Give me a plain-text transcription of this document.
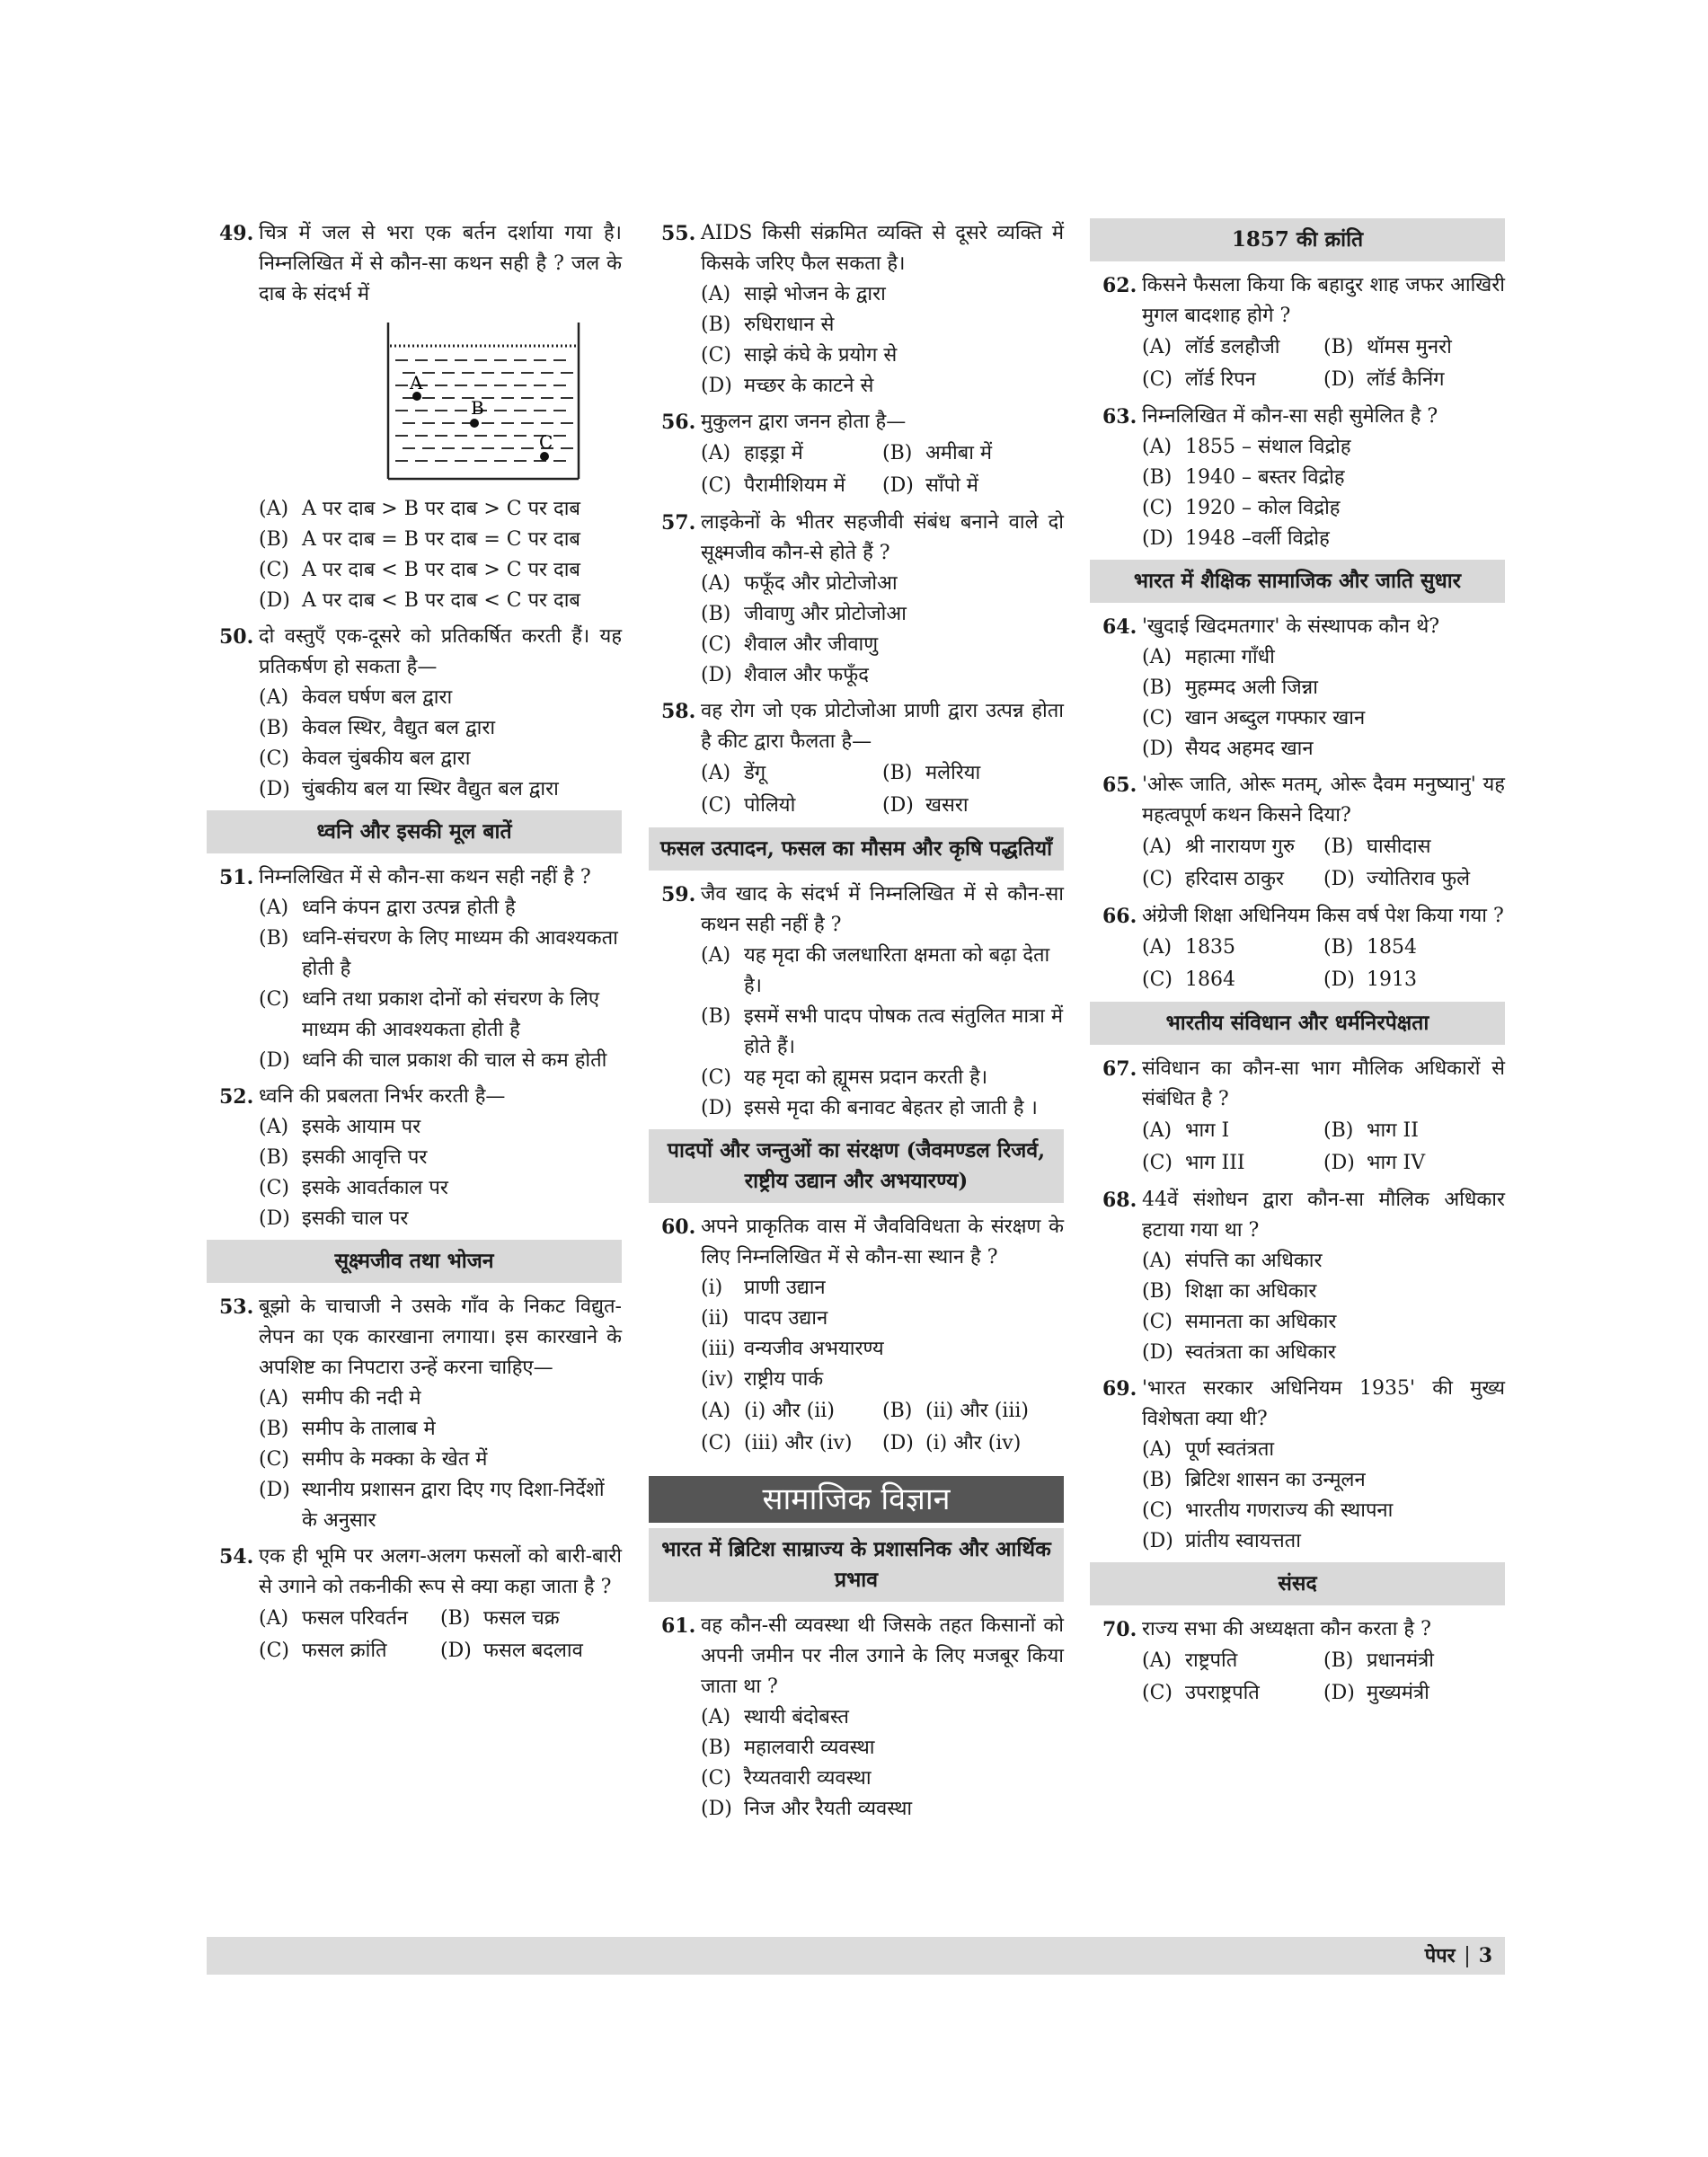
49. चित्र में जल से भरा एक बर्तन दर्शाया गया है। निम्नलिखित में से कौन-सा कथन सही है ? जल के दाब के संदर्भ में
A
B
C
(A) A पर दाब > B पर दाब > C पर दाब
(B) A पर दाब = B पर दाब = C पर दाब
(C) A पर दाब < B पर दाब > C पर दाब
(D) A पर दाब < B पर दाब < C पर दाब
50. दो वस्तुएँ एक-दूसरे को प्रतिकर्षित करती हैं। यह प्रतिकर्षण हो सकता है—
(A) केवल घर्षण बल द्वारा
(B) केवल स्थिर, वैद्युत बल द्वारा
(C) केवल चुंबकीय बल द्वारा
(D) चुंबकीय बल या स्थिर वैद्युत बल द्वारा
ध्वनि और इसकी मूल बातें
51. निम्नलिखित में से कौन-सा कथन सही नहीं है ?
(A) ध्वनि कंपन द्वारा उत्पन्न होती है
(B) ध्वनि-संचरण के लिए माध्यम की आवश्यकता होती है
(C) ध्वनि तथा प्रकाश दोनों को संचरण के लिए माध्यम की आवश्यकता होती है
(D) ध्वनि की चाल प्रकाश की चाल से कम होती
52. ध्वनि की प्रबलता निर्भर करती है—
(A) इसके आयाम पर
(B) इसकी आवृत्ति पर
(C) इसके आवर्तकाल पर
(D) इसकी चाल पर
सूक्ष्मजीव तथा भोजन
53. बूझो के चाचाजी ने उसके गाँव के निकट विद्युत-लेपन का एक कारखाना लगाया। इस कारखाने के अपशिष्ट का निपटारा उन्हें करना चाहिए—
(A) समीप की नदी मे
(B) समीप के तालाब मे
(C) समीप के मक्का के खेत में
(D) स्थानीय प्रशासन द्वारा दिए गए दिशा-निर्देशों के अनुसार
54. एक ही भूमि पर अलग-अलग फसलों को बारी-बारी से उगाने को तकनीकी रूप से क्या कहा जाता है ?
(A) फसल परिवर्तन	(B) फसल चक्र
(C) फसल क्रांति	(D) फसल बदलाव
55. AIDS किसी संक्रमित व्यक्ति से दूसरे व्यक्ति में किसके जरिए फैल सकता है।
(A) साझे भोजन के द्वारा
(B) रुधिराधान से
(C) साझे कंघे के प्रयोग से
(D) मच्छर के काटने से
56. मुकुलन द्वारा जनन होता है—
(A) हाइड्रा में	(B) अमीबा में
(C) पैरामीशियम में	(D) साँपो में
57. लाइकेनों के भीतर सहजीवी संबंध बनाने वाले दो सूक्ष्मजीव कौन-से होते हैं ?
(A) फफूँद और प्रोटोजोआ
(B) जीवाणु और प्रोटोजोआ
(C) शैवाल और जीवाणु
(D) शैवाल और फफूँद
58. वह रोग जो एक प्रोटोजोआ प्राणी द्वारा उत्पन्न होता है कीट द्वारा फैलता है—
(A) डेंगू	(B) मलेरिया
(C) पोलियो	(D) खसरा
फसल उत्पादन, फसल का मौसम और कृषि पद्धतियाँ
59. जैव खाद के संदर्भ में निम्नलिखित में से कौन-सा कथन सही नहीं है ?
(A) यह मृदा की जलधारिता क्षमता को बढ़ा देता है।
(B) इसमें सभी पादप पोषक तत्व संतुलित मात्रा में होते हैं।
(C) यह मृदा को ह्यूमस प्रदान करती है।
(D) इससे मृदा की बनावट बेहतर हो जाती है ।
पादपों और जन्तुओं का संरक्षण (जैवमण्डल रिजर्व, राष्ट्रीय उद्यान और अभयारण्य)
60. अपने प्राकृतिक वास में जैवविविधता के संरक्षण के लिए निम्नलिखित में से कौन-सा स्थान है ?
(i) प्राणी उद्यान
(ii) पादप उद्यान
(iii) वन्यजीव अभयारण्य
(iv) राष्ट्रीय पार्क
(A) (i) और (ii)	(B) (ii) और (iii)
(C) (iii) और (iv)	(D) (i) और (iv)
सामाजिक विज्ञान
भारत में ब्रिटिश साम्राज्य के प्रशासनिक और आर्थिक प्रभाव
61. वह कौन-सी व्यवस्था थी जिसके तहत किसानों को अपनी जमीन पर नील उगाने के लिए मजबूर किया जाता था ?
(A) स्थायी बंदोबस्त
(B) महालवारी व्यवस्था
(C) रैय्यतवारी व्यवस्था
(D) निज और रैयती व्यवस्था
1857 की क्रांति
62. किसने फैसला किया कि बहादुर शाह जफर आखिरी मुगल बादशाह होगे ?
(A) लॉर्ड डलहौजी	(B) थॉमस मुनरो
(C) लॉर्ड रिपन	(D) लॉर्ड कैनिंग
63. निम्नलिखित में कौन-सा सही सुमेलित है ?
(A) 1855 – संथाल विद्रोह
(B) 1940 – बस्तर विद्रोह
(C) 1920 – कोल विद्रोह
(D) 1948 –वर्ली विद्रोह
भारत में शैक्षिक सामाजिक और जाति सुधार
64. 'खुदाई खिदमतगार' के संस्थापक कौन थे?
(A) महात्मा गाँधी
(B) मुहम्मद अली जिन्ना
(C) खान अब्दुल गफ्फार खान
(D) सैयद अहमद खान
65. 'ओरू जाति, ओरू मतम्, ओरू दैवम मनुष्यानु' यह महत्वपूर्ण कथन किसने दिया?
(A) श्री नारायण गुरु	(B) घासीदास
(C) हरिदास ठाकुर	(D) ज्योतिराव फुले
66. अंग्रेजी शिक्षा अधिनियम किस वर्ष पेश किया गया ?
(A) 1835	(B) 1854
(C) 1864	(D) 1913
भारतीय संविधान और धर्मनिरपेक्षता
67. संविधान का कौन-सा भाग मौलिक अधिकारों से संबंधित है ?
(A) भाग I	(B) भाग II
(C) भाग III	(D) भाग IV
68. 44वें संशोधन द्वारा कौन-सा मौलिक अधिकार हटाया गया था ?
(A) संपत्ति का अधिकार
(B) शिक्षा का अधिकार
(C) समानता का अधिकार
(D) स्वतंत्रता का अधिकार
69. 'भारत सरकार अधिनियम 1935' की मुख्य विशेषता क्या थी?
(A) पूर्ण स्वतंत्रता
(B) ब्रिटिश शासन का उन्मूलन
(C) भारतीय गणराज्य की स्थापना
(D) प्रांतीय स्वायत्तता
संसद
70. राज्य सभा की अध्यक्षता कौन करता है ?
(A) राष्ट्रपति	(B) प्रधानमंत्री
(C) उपराष्ट्रपति	(D) मुख्यमंत्री
पेपर 3
